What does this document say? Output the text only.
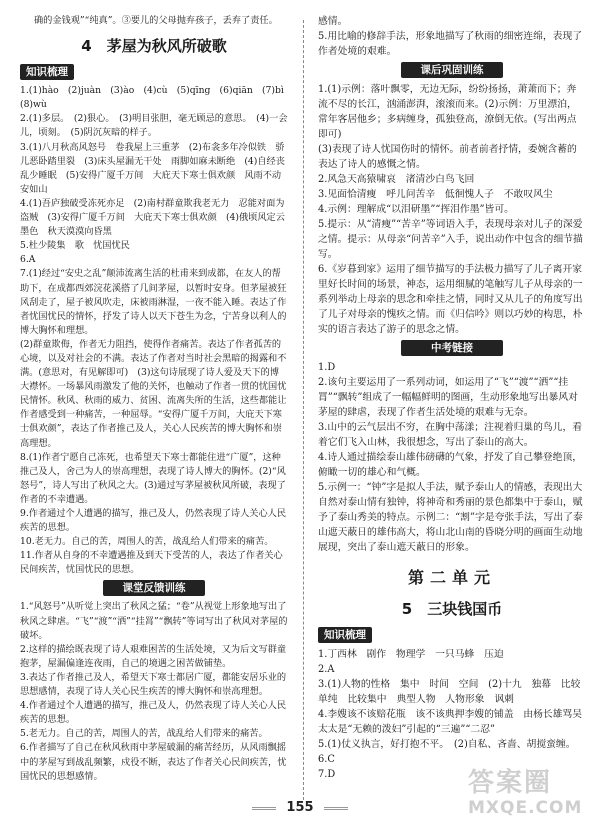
确的金钱观”“纯真”。③要儿的父母抛弃孩子，丢弃了责任。

4　茅屋为秋风所破歌
知识梳理

1.(1)hào　(2)juàn　(3)ào　(4)cù　(5)qīng　(6)qiān　(7)bì　(8)wù

2.(1)多层。　(2)狠心。　(3)明目张胆，毫无顾忌的意思。　(4)一会儿，顷刻。　(5)阴沉灰暗的样子。

3.(1)八月秋高风怒号　卷我屋上三重茅　(2)布衾多年冷似铁　骄儿恶卧踏里裂　(3)床头屋漏无干处　雨脚如麻未断绝　(4)自经丧乱少睡眠　(5)安得广厦千万间　大庇天下寒士俱欢颜　风雨不动安如山

4.(1)吾庐独破受冻死亦足　(2)南村群童欺我老无力　忍能对面为盗贼　(3)安得广厦千万间　大庇天下寒士俱欢颜　(4)俄顷风定云墨色　秋天漠漠向昏黑

5.杜少陵集　歌　忧国忧民

6.A

7.(1)经过“安史之乱”颠沛流离生活的杜甫来到成都，在友人的帮助下，在成都西郊浣花溪搭了几间茅屋，以暂时安身。但茅屋被狂风刮走了，屋子被风吹走，床被雨淋湿，一夜不能入睡。表达了作者忧国忧民的情怀，抒发了诗人以天下苍生为念，宁苦身以利人的博大胸怀和理想。

(2)群童欺侮，作者无力阻挡，使得作者痛苦。表达了作者孤苦的心境，以及对社会的不满。表达了作者对当时社会黑暗的揭露和不满。(意思对，有见解即可)　(3)这句诗展现了诗人爱及天下的博大襟怀。一场暴风雨激发了他的关怀，也触动了作者一贯的忧国忧民情怀。秋风、秋雨的威力、贫困、流离失所的生活，这些都能让作者感受到一种痛苦，一种屈辱。“安得广厦千万间，大庇天下寒士俱欢颜”，表达了作者推己及人，关心人民疾苦的博大胸怀和崇高理想。

8.(1)作者宁愿自己冻死，也希望天下寒士都能住进“广厦”，这种推己及人，舍己为人的崇高理想，表现了诗人博大的胸怀。(2)“风怒号”，诗人写出了秋风之大。(3)通过写茅屋被秋风所破，表现了作者的不幸遭遇。

9.作者通过个人遭遇的描写，推己及人，仍然表现了诗人关心人民疾苦的思想。

10.老无力。自己的苦，周围人的苦，战乱给人们带来的痛苦。

11.作者从自身的不幸遭遇推及到天下受苦的人，表达了作者关心民间疾苦，忧国忧民的思想。

课堂反馈训练

1.“风怒号”从听觉上突出了秋风之猛；“卷”从视觉上形象地写出了秋风之肆虐。“飞”“渡”“洒”“挂罥”“飘转”等词写出了秋风对茅屋的破坏。

2.这样的描绘既表现了诗人艰难困苦的生活处境，又为后文写群童抱茅，屋漏偏逢连夜雨，自己的境遇之困苦做铺垫。

3.表达了作者推己及人，希望天下寒士都居广厦，都能安居乐业的思想感情，表现了诗人关心民生疾苦的博大胸怀和崇高理想。

4.作者通过个人遭遇的描写，推己及人，仍然表现了诗人关心人民疾苦的思想。

5.老无力。自己的苦，周围人的苦，战乱给人们带来的痛苦。

6.作者描写了自己在秋风秋雨中茅屋破漏的痛苦经历，从风雨飘摇中的茅屋写到战乱频繁，戍役不断，表达了作者关心民间疾苦，忧国忧民的思想感情。

感情。

5.用比喻的修辞手法，形象地描写了秋雨的细密连绵，表现了作者处境的艰难。

课后巩固训练

1.(1)示例：落叶飘零，无边无际，纷纷扬扬，萧萧而下；奔流不尽的长江，汹涌澎湃，滚滚而来。(2)示例：万里漂泊，常年客居他乡；多病缠身，孤独登高，潦倒无依。(写出两点即可)

(3)表现了诗人忧国伤时的情怀。前者前者抒情，委婉含蓄的表达了诗人的感慨之情。

2.风急天高猿啸哀　渚清沙白鸟飞回

3.见面恰清瘦　呼儿问苦辛　低徊愧人子　不敢叹风尘

4.示例：理解成“以泪研墨”“挥泪作墨”皆可。

5.提示：从“清瘦”“苦辛”等词语入手，表现母亲对儿子的深爱之情。提示：从母亲“问苦辛”入手，说出动作中包含的细节描写。

6.《岁暮到家》运用了细节描写的手法极力描写了儿子离开家里好长时间的场景，神态，运用细腻的笔触写儿子从母亲的一系列举动上母亲的思念和牵挂之情，同时又从儿子的角度写出了儿子对母亲的愧疚之情。而《归信吟》则以巧妙的构思，朴实的语言表达了游子的思念之情。

中考链接

1.D

2.该句主要运用了一系列动词，如运用了“飞”“渡”“洒”“挂罥”“飘转”组成了一幅幅鲜明的图画，生动形象地写出暴风对茅屋的肆虐，表现了作者生活处境的艰难与无奈。

3.山中的云气层出不穷，在胸中荡漾；注视着归巢的鸟儿，看着它们飞入山林，我很想念，写出了泰山的高大。

4.诗人通过描绘泰山雄伟磅礴的气象，抒发了自己攀登绝顶，俯瞰一切的雄心和气概。

5.示例一：“钟”字是拟人手法，赋予泰山人的情感，表现出大自然对泰山情有独钟，将神奇和秀丽的景色都集中于泰山，赋予了泰山秀美的特点。示例二：“割”字是夸张手法，写出了泰山遮天蔽日的雄伟高大，将山北山南的昏晓分明的画面生动地展现，突出了泰山遮天蔽日的形象。

第二单元
5　三块钱国币
知识梳理

1.丁西林　剧作　物理学　一只马蜂　压迫

2.A

3.(1)人物的性格　集中　时间　空间　(2)十九　独幕　比较单纯　比较集中　典型人物　人物形象　讽刺

4.李嫂该不该赔花瓶　该不该典押李嫂的铺盖　由杨长雄骂吴太太是“无赖的泼妇”引起的“三遍”“二忍”

5.(1)仗义执言，好打抱不平。　(2)自私、吝啬、胡搅蛮缠。

6.C

7.D

155
答案圈
MXQE.COM
